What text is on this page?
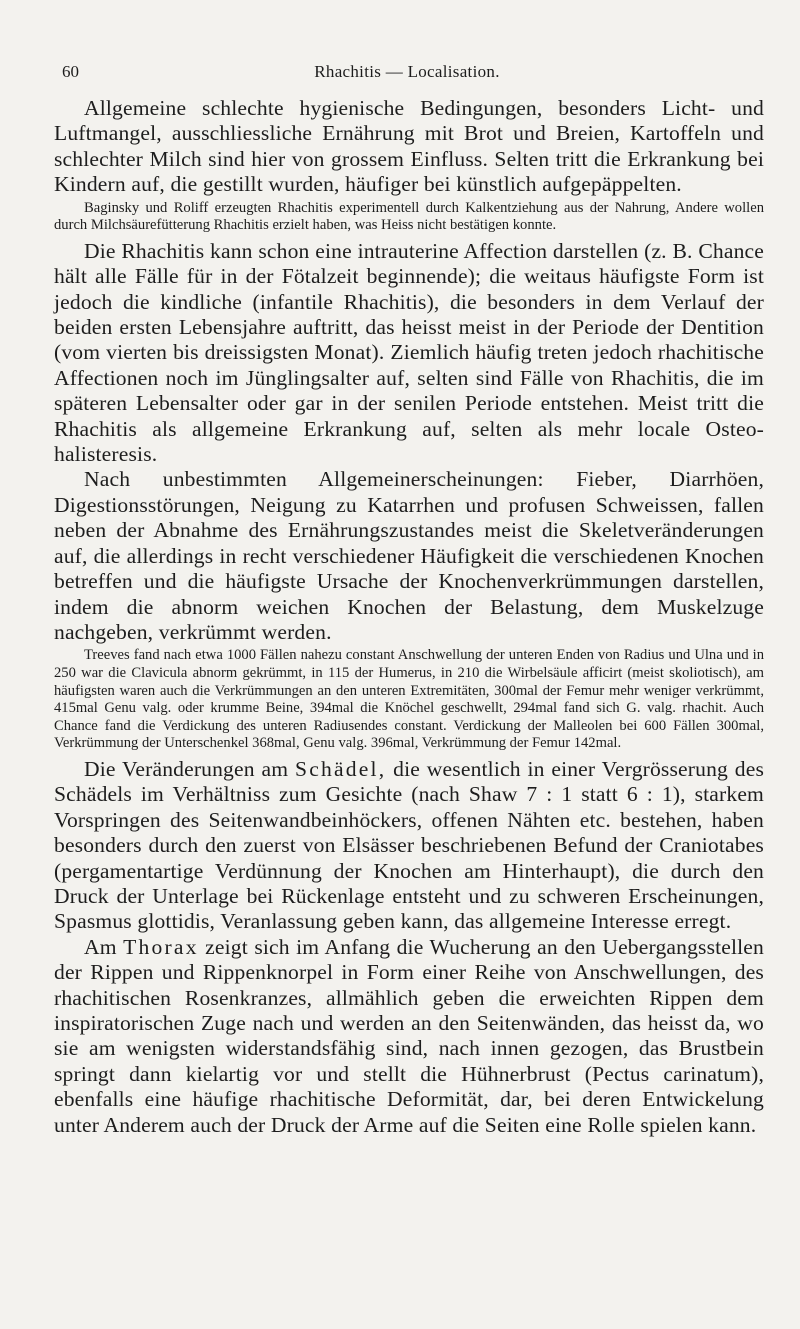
60	Rhachitis — Localisation.

Allgemeine schlechte hygienische Bedingungen, besonders Licht- und Luftmangel, ausschliessliche Ernährung mit Brot und Breien, Kartoffeln und schlechter Milch sind hier von grossem Einfluss. Selten tritt die Erkrankung bei Kindern auf, die gestillt wurden, häufiger bei künstlich aufgepäppelten.

Baginsky und Roliff erzeugten Rhachitis experimentell durch Kalkentziehung aus der Nahrung, Andere wollen durch Milchsäurefütterung Rhachitis erzielt haben, was Heiss nicht bestätigen konnte.

Die Rhachitis kann schon eine intrauterine Affection darstellen (z. B. Chance hält alle Fälle für in der Fötalzeit beginnende); die weitaus häufigste Form ist jedoch die kindliche (infantile Rhachitis), die besonders in dem Verlauf der beiden ersten Lebensjahre auftritt, das heisst meist in der Periode der Dentition (vom vierten bis dreissigsten Monat). Ziemlich häufig treten jedoch rhachitische Affectionen noch im Jünglingsalter auf, selten sind Fälle von Rhachitis, die im späteren Lebensalter oder gar in der senilen Periode entstehen. Meist tritt die Rhachitis als allgemeine Erkrankung auf, selten als mehr locale Osteo-halisteresis.

Nach unbestimmten Allgemeinerscheinungen: Fieber, Diarrhöen, Digestionsstörungen, Neigung zu Katarrhen und profusen Schweissen, fallen neben der Abnahme des Ernährungszustandes meist die Skeletveränderungen auf, die allerdings in recht verschiedener Häufigkeit die verschiedenen Knochen betreffen und die häufigste Ursache der Knochenverkrümmungen darstellen, indem die abnorm weichen Knochen der Belastung, dem Muskelzuge nachgeben, verkrümmt werden.

Treeves fand nach etwa 1000 Fällen nahezu constant Anschwellung der unteren Enden von Radius und Ulna und in 250 war die Clavicula abnorm gekrümmt, in 115 der Humerus, in 210 die Wirbelsäule afficirt (meist skoliotisch), am häufigsten waren auch die Verkrümmungen an den unteren Extremitäten, 300mal der Femur mehr weniger verkrümmt, 415mal Genu valg. oder krumme Beine, 394mal die Knöchel geschwellt, 294mal fand sich G. valg. rhachit. Auch Chance fand die Verdickung des unteren Radiusendes constant. Verdickung der Malleolen bei 600 Fällen 300mal, Verkrümmung der Unterschenkel 368mal, Genu valg. 396mal, Verkrümmung der Femur 142mal.

Die Veränderungen am Schädel, die wesentlich in einer Vergrösserung des Schädels im Verhältniss zum Gesichte (nach Shaw 7 : 1 statt 6 : 1), starkem Vorspringen des Seitenwandbeinhöckers, offenen Nähten etc. bestehen, haben besonders durch den zuerst von Elsässer beschriebenen Befund der Craniotabes (pergamentartige Verdünnung der Knochen am Hinterhaupt), die durch den Druck der Unterlage bei Rückenlage entsteht und zu schweren Erscheinungen, Spasmus glottidis, Veranlassung geben kann, das allgemeine Interesse erregt.

Am Thorax zeigt sich im Anfang die Wucherung an den Uebergangsstellen der Rippen und Rippenknorpel in Form einer Reihe von Anschwellungen, des rhachitischen Rosenkranzes, allmählich geben die erweichten Rippen dem inspiratorischen Zuge nach und werden an den Seitenwänden, das heisst da, wo sie am wenigsten widerstandsfähig sind, nach innen gezogen, das Brustbein springt dann kielartig vor und stellt die Hühnerbrust (Pectus carinatum), ebenfalls eine häufige rhachitische Deformität, dar, bei deren Entwickelung unter Anderem auch der Druck der Arme auf die Seiten eine Rolle spielen kann.
